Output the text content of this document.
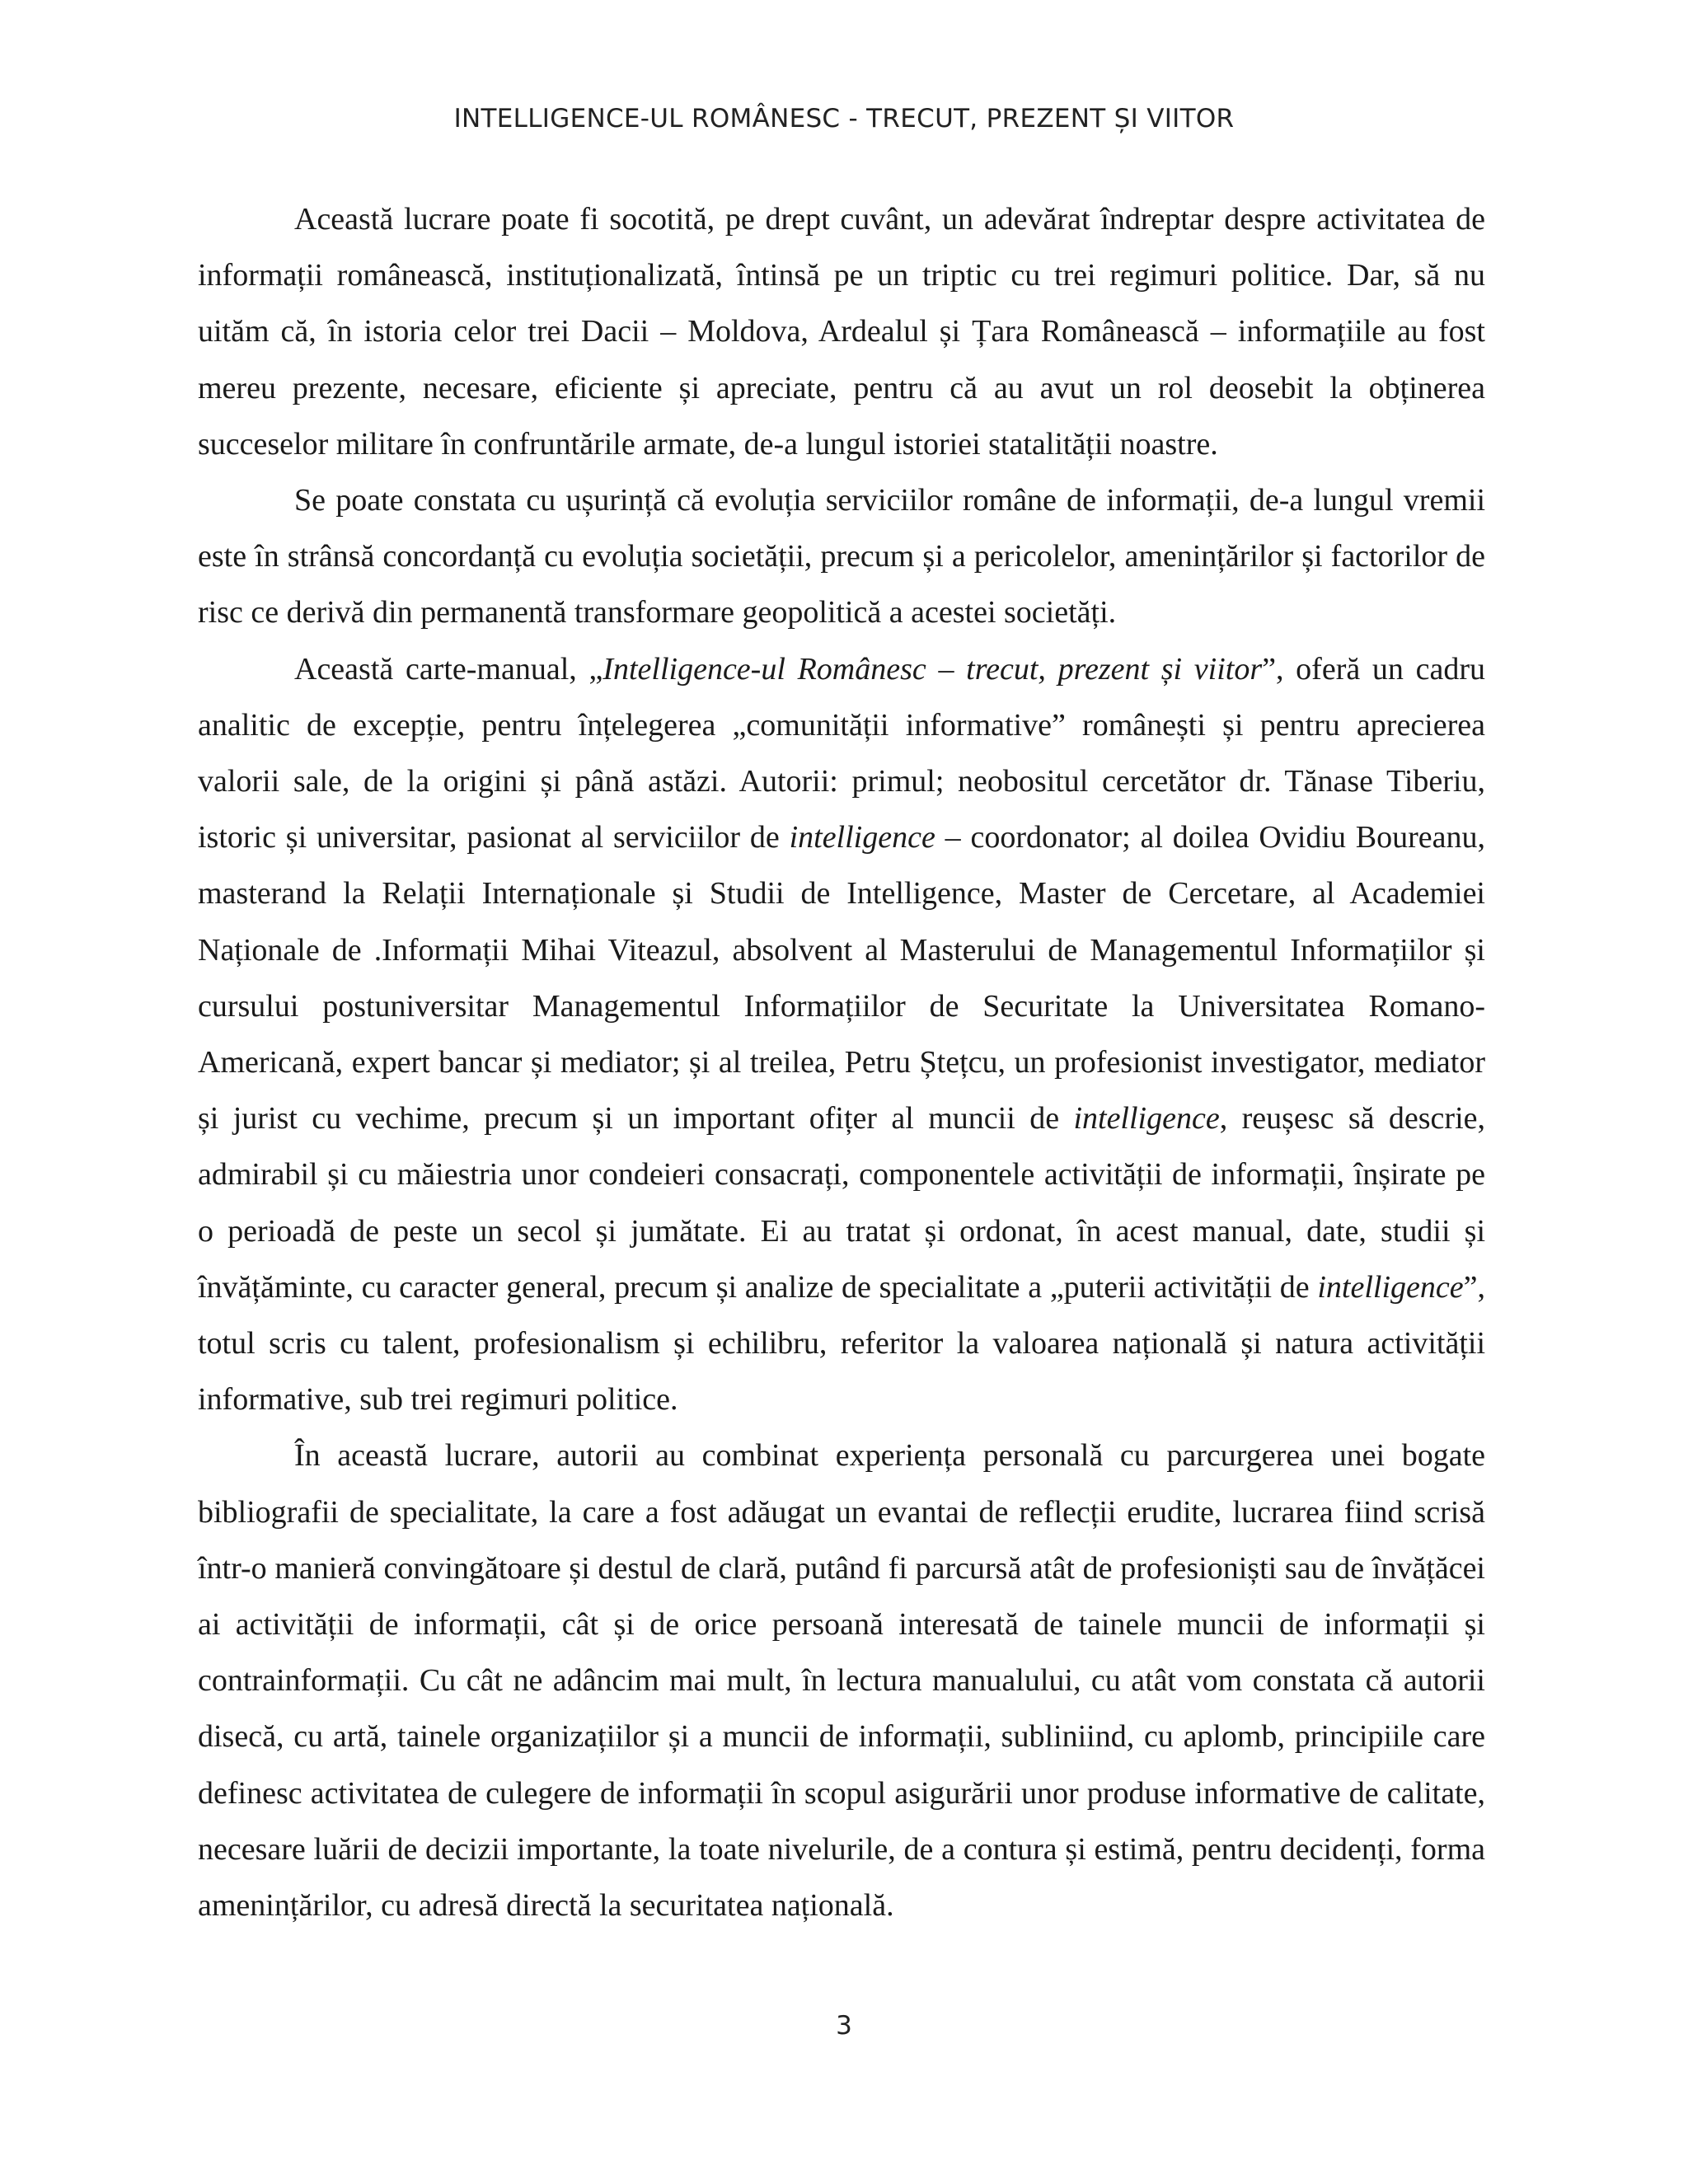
INTELLIGENCE-UL ROMÂNESC - TRECUT, PREZENT ȘI VIITOR

Această lucrare poate fi socotită, pe drept cuvânt, un adevărat îndreptar despre activitatea de informații românească, instituționalizată, întinsă pe un triptic cu trei regimuri politice. Dar, să nu uităm că, în istoria celor trei Dacii – Moldova, Ardealul și Țara Românească – informațiile au fost mereu prezente, necesare, eficiente și apreciate, pentru că au avut un rol deosebit la obținerea succeselor militare în confruntările armate, de-a lungul istoriei statalității noastre.

Se poate constata cu ușurință că evoluția serviciilor române de informații, de-a lungul vremii este în strânsă concordanță cu evoluția societății, precum și a pericolelor, amenințărilor și factorilor de risc ce derivă din permanentă transformare geopolitică a acestei societăți.

Această carte-manual, „Intelligence-ul Românesc – trecut, prezent și viitor”, oferă un cadru analitic de excepție, pentru înțelegerea „comunității informative” românești și pentru aprecierea valorii sale, de la origini și până astăzi. Autorii: primul; neobositul cercetător dr. Tănase Tiberiu, istoric și universitar, pasionat al serviciilor de intelligence – coordonator; al doilea Ovidiu Boureanu, masterand la Relații Internaționale și Studii de Intelligence, Master de Cercetare, al Academiei Naționale de .Informații Mihai Viteazul, absolvent al Masterului de Managementul Informațiilor și cursului postuniversitar Managementul Informațiilor de Securitate la Universitatea Romano-Americană, expert bancar și mediator; și al treilea, Petru Ștețcu, un profesionist investigator, mediator și jurist cu vechime, precum și un important ofițer al muncii de intelligence, reușesc să descrie, admirabil și cu măiestria unor condeieri consacrați, componentele activității de informații, înșirate pe o perioadă de peste un secol și jumătate. Ei au tratat și ordonat, în acest manual, date, studii și învățăminte, cu caracter general, precum și analize de specialitate a „puterii activității de intelligence”, totul scris cu talent, profesionalism și echilibru, referitor la valoarea națională și natura activității informative, sub trei regimuri politice.

În această lucrare, autorii au combinat experiența personală cu parcurgerea unei bogate bibliografii de specialitate, la care a fost adăugat un evantai de reflecții erudite, lucrarea fiind scrisă într-o manieră convingătoare și destul de clară, putând fi parcursă atât de profesioniști sau de învățăcei ai activității de informații, cât și de orice persoană interesată de tainele muncii de informații și contrainformații. Cu cât ne adâncim mai mult, în lectura manualului, cu atât vom constata că autorii disecă, cu artă, tainele organizațiilor și a muncii de informații, subliniind, cu aplomb, principiile care definesc activitatea de culegere de informații în scopul asigurării unor produse informative de calitate, necesare luării de decizii importante, la toate nivelurile, de a contura și estimă, pentru decidenți, forma amenințărilor, cu adresă directă la securitatea națională.

3
